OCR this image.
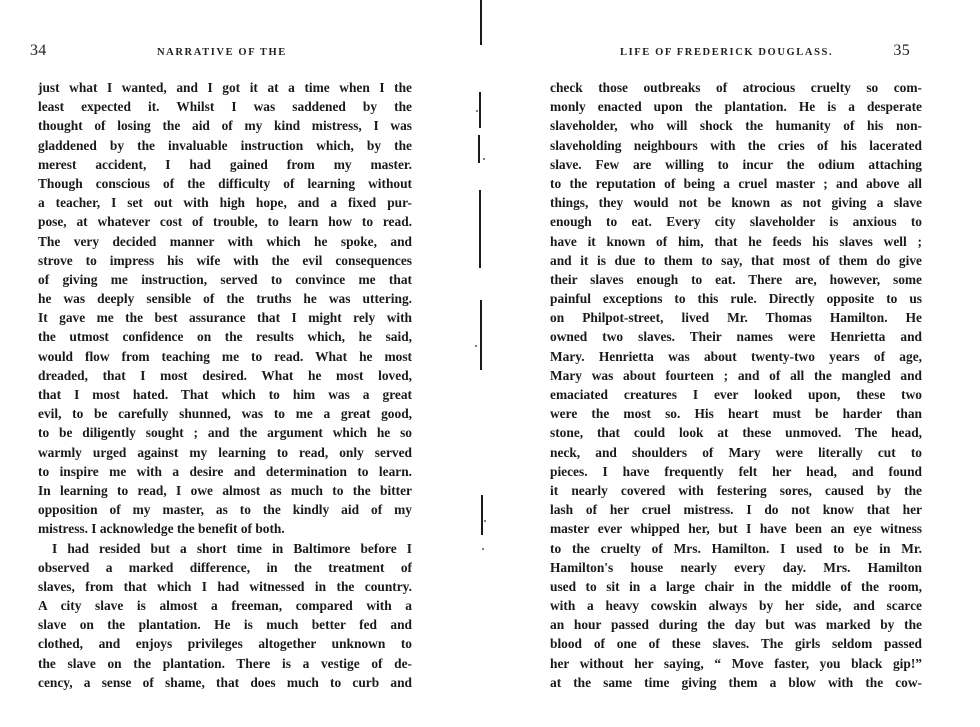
34	NARRATIVE OF THE
just what I wanted, and I got it at a time when I the
least expected it. Whilst I was saddened by the
thought of losing the aid of my kind mistress, I was
gladdened by the invaluable instruction which, by the
merest accident, I had gained from my master.
Though conscious of the difficulty of learning without
a teacher, I set out with high hope, and a fixed pur-
pose, at whatever cost of trouble, to learn how to read.
The very decided manner with which he spoke, and
strove to impress his wife with the evil consequences
of giving me instruction, served to convince me that
he was deeply sensible of the truths he was uttering.
It gave me the best assurance that I might rely with
the utmost confidence on the results which, he said,
would flow from teaching me to read. What he most
dreaded, that I most desired. What he most loved,
that I most hated. That which to him was a great
evil, to be carefully shunned, was to me a great good,
to be diligently sought ; and the argument which he so
warmly urged against my learning to read, only served
to inspire me with a desire and determination to learn.
In learning to read, I owe almost as much to the bitter
opposition of my master, as to the kindly aid of my
mistress. I acknowledge the benefit of both.
I had resided but a short time in Baltimore before I
observed a marked difference, in the treatment of
slaves, from that which I had witnessed in the country.
A city slave is almost a freeman, compared with a
slave on the plantation. He is much better fed and
clothed, and enjoys privileges altogether unknown to
the slave on the plantation. There is a vestige of de-
cency, a sense of shame, that does much to curb and
LIFE OF FREDERICK DOUGLASS.	35
check those outbreaks of atrocious cruelty so com-
monly enacted upon the plantation. He is a desperate
slaveholder, who will shock the humanity of his non-
slaveholding neighbours with the cries of his lacerated
slave. Few are willing to incur the odium attaching
to the reputation of being a cruel master ; and above all
things, they would not be known as not giving a slave
enough to eat. Every city slaveholder is anxious to
have it known of him, that he feeds his slaves well ;
and it is due to them to say, that most of them do give
their slaves enough to eat. There are, however, some
painful exceptions to this rule. Directly opposite to us
on Philpot-street, lived Mr. Thomas Hamilton. He
owned two slaves. Their names were Henrietta and
Mary. Henrietta was about twenty-two years of age,
Mary was about fourteen ; and of all the mangled and
emaciated creatures I ever looked upon, these two
were the most so. His heart must be harder than
stone, that could look at these unmoved. The head,
neck, and shoulders of Mary were literally cut to
pieces. I have frequently felt her head, and found
it nearly covered with festering sores, caused by the
lash of her cruel mistress. I do not know that her
master ever whipped her, but I have been an eye witness
to the cruelty of Mrs. Hamilton. I used to be in Mr.
Hamilton's house nearly every day. Mrs. Hamilton
used to sit in a large chair in the middle of the room,
with a heavy cowskin always by her side, and scarce
an hour passed during the day but was marked by the
blood of one of these slaves. The girls seldom passed
her without her saying, “ Move faster, you black gip!”
at the same time giving them a blow with the cow-
